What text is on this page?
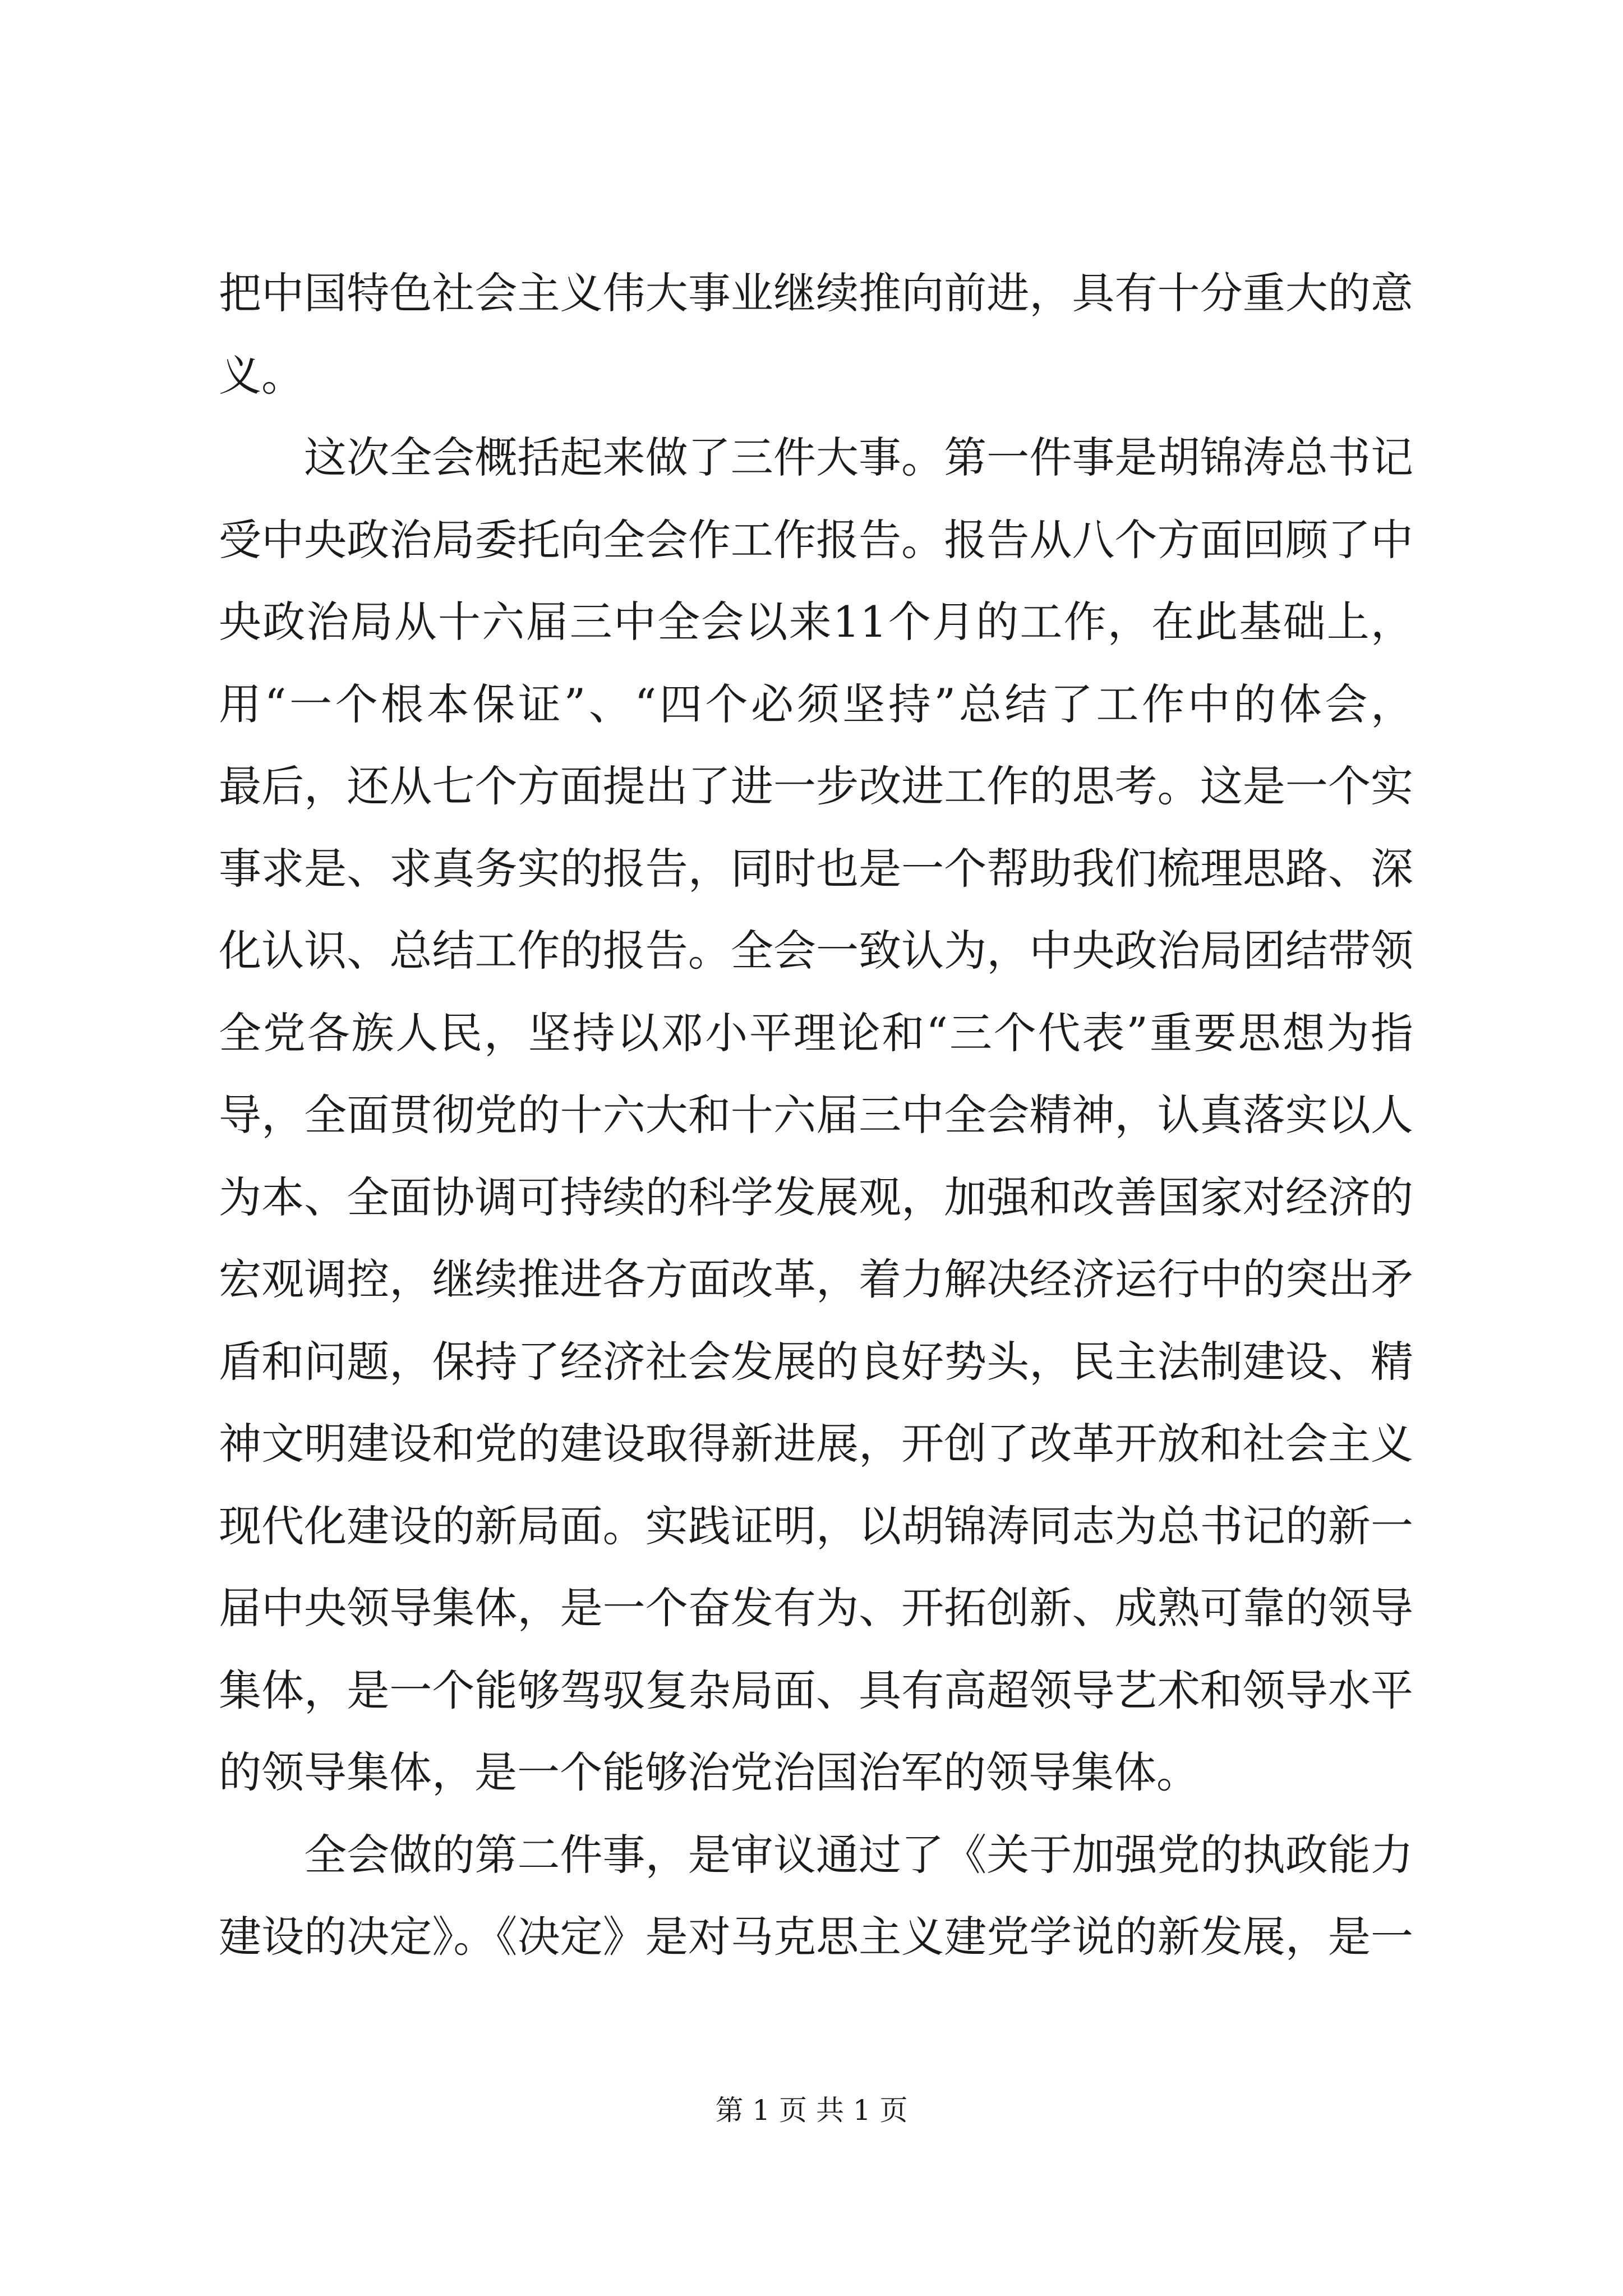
把中国特色社会主义伟大事业继续推向前进，具有十分重大的意
义。
这次全会概括起来做了三件大事。第一件事是胡锦涛总书记
受中央政治局委托向全会作工作报告。报告从八个方面回顾了中
央政治局从十六届三中全会以来11个月的工作，在此基础上，
用“一个根本保证”、“四个必须坚持”总结了工作中的体会，
最后，还从七个方面提出了进一步改进工作的思考。这是一个实
事求是、求真务实的报告，同时也是一个帮助我们梳理思路、深
化认识、总结工作的报告。全会一致认为，中央政治局团结带领
全党各族人民，坚持以邓小平理论和“三个代表”重要思想为指
导，全面贯彻党的十六大和十六届三中全会精神，认真落实以人
为本、全面协调可持续的科学发展观，加强和改善国家对经济的
宏观调控，继续推进各方面改革，着力解决经济运行中的突出矛
盾和问题，保持了经济社会发展的良好势头，民主法制建设、精
神文明建设和党的建设取得新进展，开创了改革开放和社会主义
现代化建设的新局面。实践证明，以胡锦涛同志为总书记的新一
届中央领导集体，是一个奋发有为、开拓创新、成熟可靠的领导
集体，是一个能够驾驭复杂局面、具有高超领导艺术和领导水平
的领导集体，是一个能够治党治国治军的领导集体。
全会做的第二件事，是审议通过了《关于加强党的执政能力
建设的决定》。《决定》是对马克思主义建党学说的新发展，是一
第 1 页 共 1 页
